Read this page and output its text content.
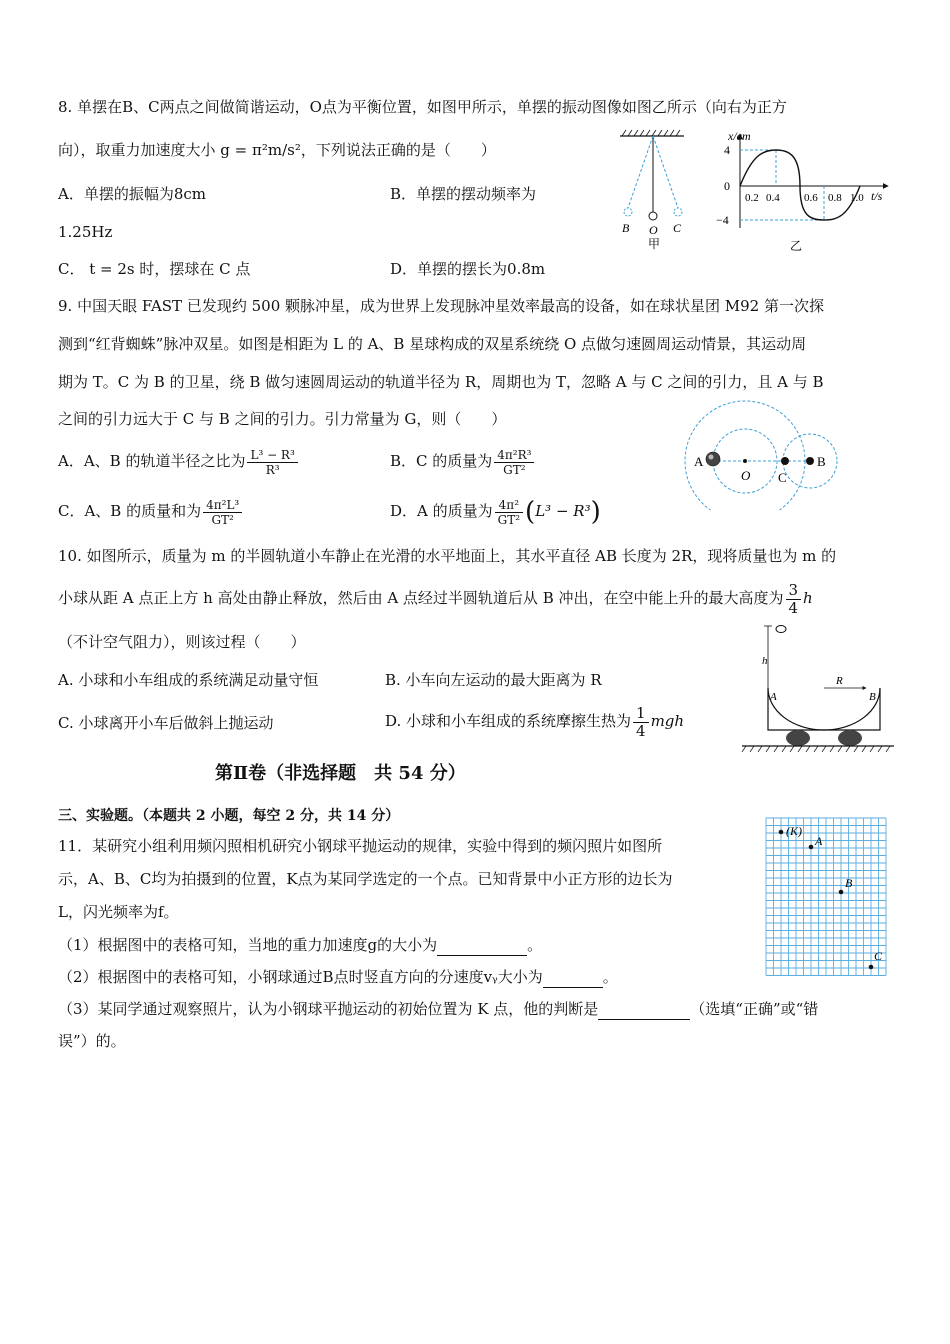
8. 单摆在B、C两点之间做简谐运动，O点为平衡位置，如图甲所示，单摆的振动图像如图乙所示（向右为正方
向），取重力加速度大小 g = π²m/s²，下列说法正确的是（　　）
A．单摆的振幅为8cm	B．单摆的摆动频率为
1.25Hz
C． t = 2s 时，摆球在 C 点	D．单摆的摆长为0.8m
B O C
甲
x/cm
t/s
4
0
−4
0.2 0.4 0.6 0.8 1.0
乙
9. 中国天眼 FAST 已发现约 500 颗脉冲星，成为世界上发现脉冲星效率最高的设备，如在球状星团 M92 第一次探
测到“红背蜘蛛”脉冲双星。如图是相距为 L 的 A、B 星球构成的双星系统绕 O 点做匀速圆周运动情景，其运动周
期为 T。C 为 B 的卫星，绕 B 做匀速圆周运动的轨道半径为 R，周期也为 T，忽略 A 与 C 之间的引力，且 A 与 B
之间的引力远大于 C 与 B 之间的引力。引力常量为 G，则（　　）
A．A、B 的轨道半径之比为 $\frac{\text{L³ − R³}}{\text{R³}}$	B．C 的质量为 $\frac{\text{4π²R³}}{\text{GT²}}$
C．A、B 的质量和为 $\frac{\text{4π²L³}}{\text{GT²}}$	D．A 的质量为 $\frac{\text{4π²}}{\text{GT²}} (L^3 - R^3)$
A
O C
B
10. 如图所示，质量为 m 的半圆轨道小车静止在光滑的水平地面上，其水平直径 AB 长度为 2R，现将质量也为 m 的
小球从距 A 点正上方 h 高处由静止释放，然后由 A 点经过半圆轨道后从 B 冲出，在空中能上升的最大高度为 $\frac{3}{4}$ h
（不计空气阻力），则该过程（　　）
A. 小球和小车组成的系统满足动量守恒	B. 小车向左运动的最大距离为 R
C. 小球离开小车后做斜上抛运动	D. 小球和小车组成的系统摩擦生热为 $\frac{1}{4}$ mgh
h
A
R
B
第Ⅱ卷（非选择题　共 54 分）
三、实验题。（本题共 2 小题，每空 2 分，共 14 分）
11．某研究小组利用频闪照相机研究小钢球平抛运动的规律，实验中得到的频闪照片如图所
示，A、B、C均为拍摄到的位置，K点为某同学选定的一个点。已知背景中小正方形的边长为
L，闪光频率为f。
（1）根据图中的表格可知，当地的重力加速度g的大小为	。
（2）根据图中的表格可知，小钢球通过B点时竖直方向的分速度vᵧ大小为	。
（3）某同学通过观察照片，认为小钢球平抛运动的初始位置为 K 点，他的判断是	（选填“正确”或“错
误”）的。
(K)
A
B
C
